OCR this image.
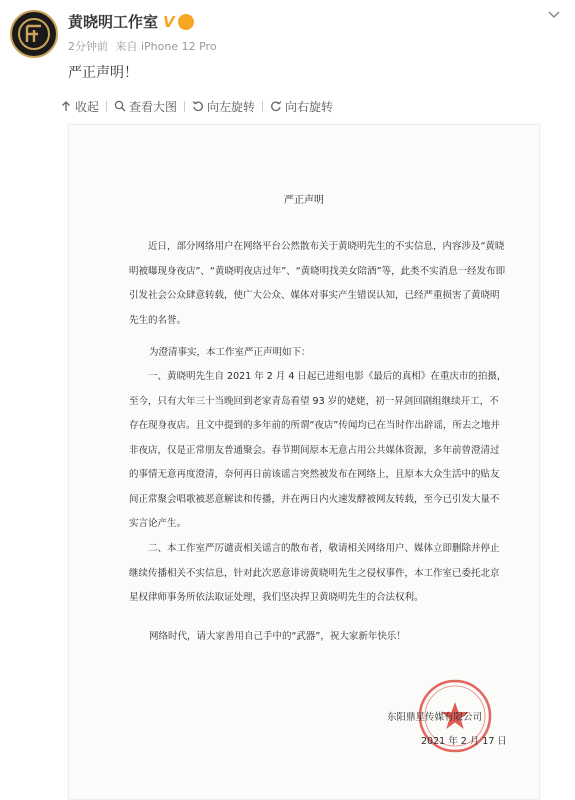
黄晓明工作室 V
2分钟前 来自 iPhone 12 Pro
严正声明！
收起	查看大图	向左旋转	向右旋转
严正声明

近日，部分网络用户在网络平台公然散布关于黄晓明先生的不实信息，内容涉及“黄晓明被曝现身夜店”、“黄晓明夜店过年”、“黄晓明找美女陪酒”等，此类不实消息一经发布即引发社会公众肆意转载，使广大公众、媒体对事实产生错误认知，已经严重损害了黄晓明先生的名誉。

为澄清事实，本工作室严正声明如下：

一、黄晓明先生自 2021 年 2 月 4 日起已进组电影《最后的真相》在重庆市的拍摄，至今，只有大年三十当晚回到老家青岛看望 93 岁的姥姥，初一昇剑回剧组继续开工，不存在现身夜店。且文中提到的多年前的所谓“夜店”传闻均已在当时作出辟谣，所去之地并非夜店，仅是正常朋友普通聚会。春节期间原本无意占用公共媒体资源，多年前曾澄清过的事情无意再度澄清，奈何再日前该谣言突然被发布在网络上，且原本大众生活中的贴友间正常聚会唱歌被恶意解读和传播，并在两日内火速发酵被网友转载，至今已引发大量不实言论产生。

二、本工作室严厉谴责相关谣言的散布者，敬请相关网络用户、媒体立即删除并停止继续传播相关不实信息，针对此次恶意诽谤黄晓明先生之侵权事件，本工作室已委托北京星权律师事务所依法取证处理，我们坚决捍卫黄晓明先生的合法权利。

网络时代，请大家善用自己手中的“武器”，祝大家新年快乐！

东阳鼎星传媒有限公司
2021 年 2 月 17 日
